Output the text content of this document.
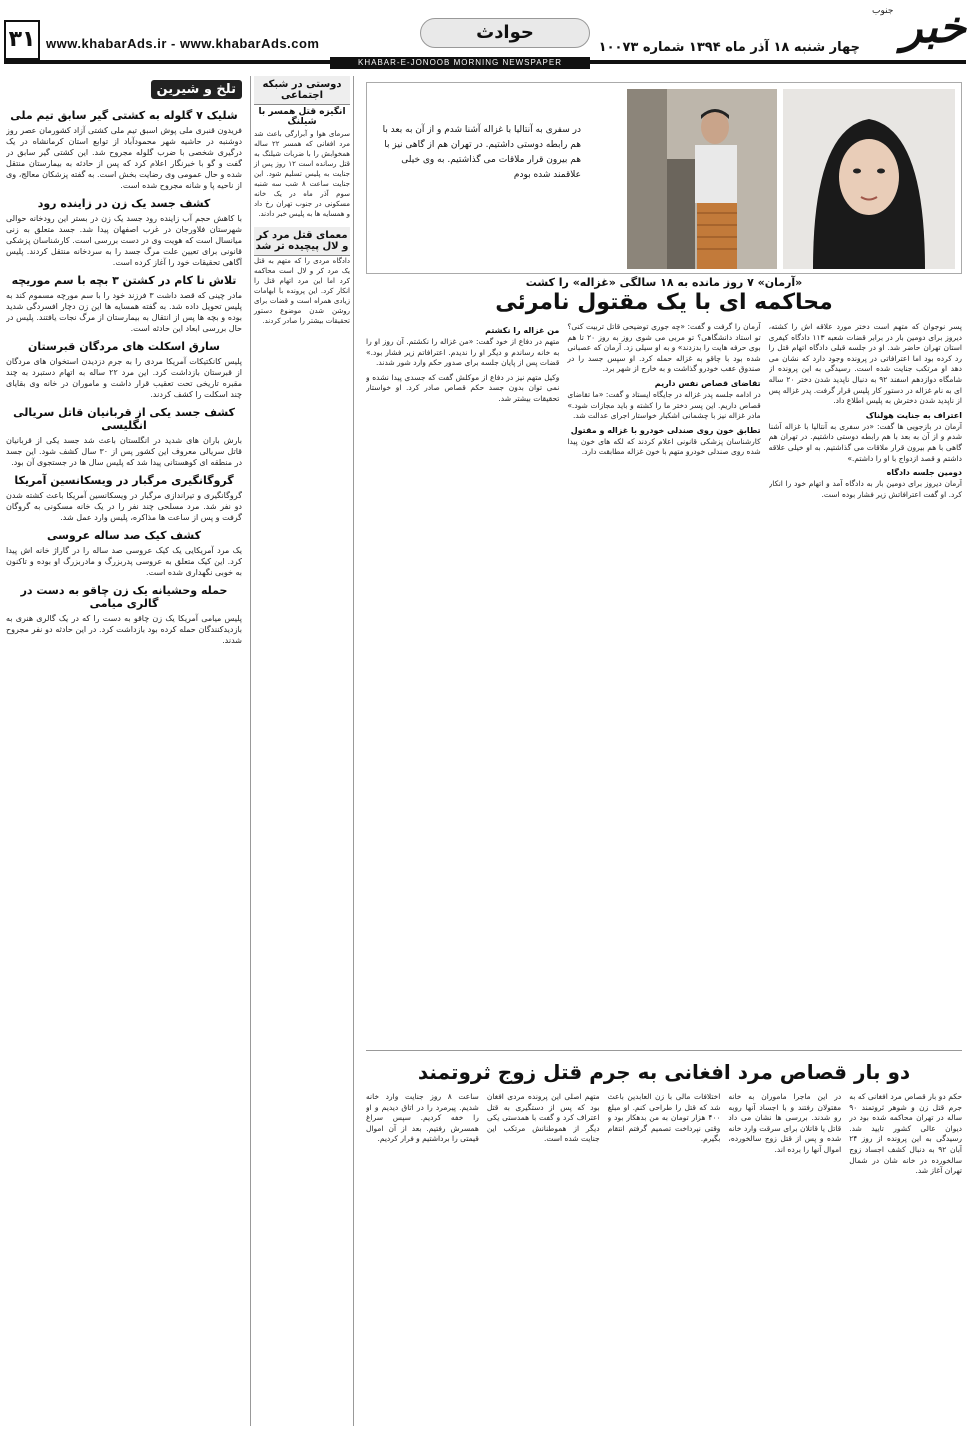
خبر
جنوب
چهار شنبه ۱۸ آذر ماه ۱۳۹۴ شماره ۱۰۰۷۳
حوادث
www.khabarAds.ir - www.khabarAds.com
۳۱
KHABAR-E-JONOOB MORNING NEWSPAPER
تلخ و شیرین
شلیک ۷ گلوله به کشتی گیر سابق تیم ملی
فریدون قنبری ملی پوش اسبق تیم ملی کشتی آزاد کشورمان عصر روز دوشنبه در حاشیه شهر محمودآباد از توابع استان کرمانشاه در یک درگیری شخصی با ضرب گلوله مجروح شد. این کشتی گیر سابق در گفت و گو با خبرنگار اعلام کرد که پس از حادثه به بیمارستان منتقل شده و حال عمومی وی رضایت بخش است. به گفته پزشکان معالج، وی از ناحیه پا و شانه مجروح شده است.
کشف جسد یک زن در زاینده رود
با کاهش حجم آب زاینده رود جسد یک زن در بستر این رودخانه حوالی شهرستان فلاورجان در غرب اصفهان پیدا شد. جسد متعلق به زنی میانسال است که هویت وی در دست بررسی است. کارشناسان پزشکی قانونی برای تعیین علت مرگ جسد را به سردخانه منتقل کردند. پلیس آگاهی تحقیقات خود را آغاز کرده است.
تلاش نا کام در کشتن ۳ بچه با سم موریچه
مادر چینی که قصد داشت ۳ فرزند خود را با سم مورچه مسموم کند به پلیس تحویل داده شد. به گفته همسایه ها این زن دچار افسردگی شدید بوده و بچه ها پس از انتقال به بیمارستان از مرگ نجات یافتند. پلیس در حال بررسی ابعاد این حادثه است.
سارق اسکلت های مردگان قبرستان
پلیس کانکتیکات آمریکا مردی را به جرم دزدیدن استخوان های مردگان از قبرستان بازداشت کرد. این مرد ۲۲ ساله به اتهام دستبرد به چند مقبره تاریخی تحت تعقیب قرار داشت و ماموران در خانه وی بقایای چند اسکلت را کشف کردند.
کشف جسد یکی از قربانیان قاتل سریالی انگلیسی
بارش باران های شدید در انگلستان باعث شد جسد یکی از قربانیان قاتل سریالی معروف این کشور پس از ۳۰ سال کشف شود. این جسد در منطقه ای کوهستانی پیدا شد که پلیس سال ها در جستجوی آن بود.
گروگانگیری مرگبار در ویسکانسین آمریکا
گروگانگیری و تیراندازی مرگبار در ویسکانسین آمریکا باعث کشته شدن دو نفر شد. مرد مسلحی چند نفر را در یک خانه مسکونی به گروگان گرفت و پس از ساعت ها مذاکره، پلیس وارد عمل شد.
کشف کیک صد ساله عروسی
یک مرد آمریکایی یک کیک عروسی صد ساله را در گاراژ خانه اش پیدا کرد. این کیک متعلق به عروسی پدربزرگ و مادربزرگ او بوده و تاکنون به خوبی نگهداری شده است.
حمله وحشیانه یک زن چاقو به دست در گالری میامی
پلیس میامی آمریکا یک زن چاقو به دست را که در یک گالری هنری به بازدیدکنندگان حمله کرده بود بازداشت کرد. در این حادثه دو نفر مجروح شدند.
دوستی در شبکه اجتماعی
انگیزه قتل همسر با شیلنگ
سرمای هوا و آبرارگی باعث شد مرد افغانی که همسر ۲۲ ساله همخوابش را با ضربات شیلنگ به قتل رسانده است ۱۲ روز پس از جنایت به پلیس تسلیم شود. این جنایت ساعت ۸ شب سه شنبه سوم آذر ماه در یک خانه مسکونی در جنوب تهران رخ داد و همسایه ها به پلیس خبر دادند.
معمای قتل مرد کر و لال پیچیده تر شد
دادگاه مردی را که متهم به قتل یک مرد کر و لال است محاکمه کرد اما این مرد اتهام قتل را انکار کرد. این پرونده با ابهامات زیادی همراه است و قضات برای روشن شدن موضوع دستور تحقیقات بیشتر را صادر کردند.
در سفری به آنتالیا با غزاله آشنا شدم و از آن به بعد با هم رابطه دوستی داشتیم. در تهران هم از گاهی نیز با هم بیرون قرار ملاقات می گذاشتیم. به وی خیلی علاقمند شده بودم
«آرمان» ۷ روز مانده به ۱۸ سالگی «غزاله» را کشت
محاکمه ای با یک مقتول نامرئی
پسر نوجوان که متهم است دختر مورد علاقه اش را کشته، دیروز برای دومین بار در برابر قضات شعبه ۱۱۳ دادگاه کیفری استان تهران حاضر شد. او در جلسه قبلی دادگاه اتهام قتل را رد کرده بود اما اعترافاتی در پرونده وجود دارد که نشان می دهد او مرتکب جنایت شده است. رسیدگی به این پرونده از شامگاه دوازدهم اسفند ۹۲ به دنبال ناپدید شدن دختر ۲۰ ساله ای به نام غزاله در دستور کار پلیس قرار گرفت. پدر غزاله پس از ناپدید شدن دخترش به پلیس اطلاع داد.
اعتراف به جنایت هولناک
آرمان در بازجویی ها گفت: «در سفری به آنتالیا با غزاله آشنا شدم و از آن به بعد با هم رابطه دوستی داشتیم. در تهران هم گاهی با هم بیرون قرار ملاقات می گذاشتیم. به او خیلی علاقه داشتم و قصد ازدواج با او را داشتم.»
دومین جلسه دادگاه
آرمان دیروز برای دومین بار به دادگاه آمد و اتهام خود را انکار کرد. او گفت اعترافاتش زیر فشار بوده است.
آرمان را گرفت و گفت: «چه جوری توضیحی قاتل تربیت کنی؟ تو استاد دانشگاهی؟ تو مربی می شوی روز به روز ۲۰ تا هم بوی حرفه هایت را بدزدند» و به او سیلی زد. آرمان که عصبانی شده بود با چاقو به غزاله حمله کرد. او سپس جسد را در صندوق عقب خودرو گذاشت و به خارج از شهر برد.
تقاضای قصاص نفس داریم
در ادامه جلسه پدر غزاله در جایگاه ایستاد و گفت: «ما تقاضای قصاص داریم. این پسر دختر ما را کشته و باید مجازات شود.» مادر غزاله نیز با چشمانی اشکبار خواستار اجرای عدالت شد.
تطابق خون روی صندلی خودرو با غزاله و مقتول
کارشناسان پزشکی قانونی اعلام کردند که لکه های خون پیدا شده روی صندلی خودرو متهم با خون غزاله مطابقت دارد.
من غزاله را نکشتم
متهم در دفاع از خود گفت: «من غزاله را نکشتم. آن روز او را به خانه رساندم و دیگر او را ندیدم. اعترافاتم زیر فشار بود.» قضات پس از پایان جلسه برای صدور حکم وارد شور شدند.
وکیل متهم نیز در دفاع از موکلش گفت که جسدی پیدا نشده و نمی توان بدون جسد حکم قصاص صادر کرد. او خواستار تحقیقات بیشتر شد.
دو بار قصاص مرد افغانی به جرم قتل زوج ثروتمند
حکم دو بار قصاص مرد افغانی که به جرم قتل زن و شوهر ثروتمند ۹۰ ساله در تهران محاکمه شده بود در دیوان عالی کشور تایید شد. رسیدگی به این پرونده از روز ۲۴ آبان ۹۲ به دنبال کشف اجساد زوج سالخورده در خانه شان در شمال تهران آغاز شد.
در این ماجرا ماموران به خانه مقتولان رفتند و با اجساد آنها روبه رو شدند. بررسی ها نشان می داد قاتل یا قاتلان برای سرقت وارد خانه شده و پس از قتل زوج سالخورده، اموال آنها را برده اند.
اختلافات مالی با زن العابدین باعث شد که قتل را طراحی کنم. او مبلغ ۴۰۰ هزار تومان به من بدهکار بود و وقتی نپرداخت تصمیم گرفتم انتقام بگیرم.
متهم اصلی این پرونده مردی افغان بود که پس از دستگیری به قتل اعتراف کرد و گفت با همدستی یکی دیگر از هموطنانش مرتکب این جنایت شده است.
ساعت ۸ روز جنایت وارد خانه شدیم. پیرمرد را در اتاق دیدیم و او را خفه کردیم. سپس سراغ همسرش رفتیم. بعد از آن اموال قیمتی را برداشتیم و فرار کردیم.
